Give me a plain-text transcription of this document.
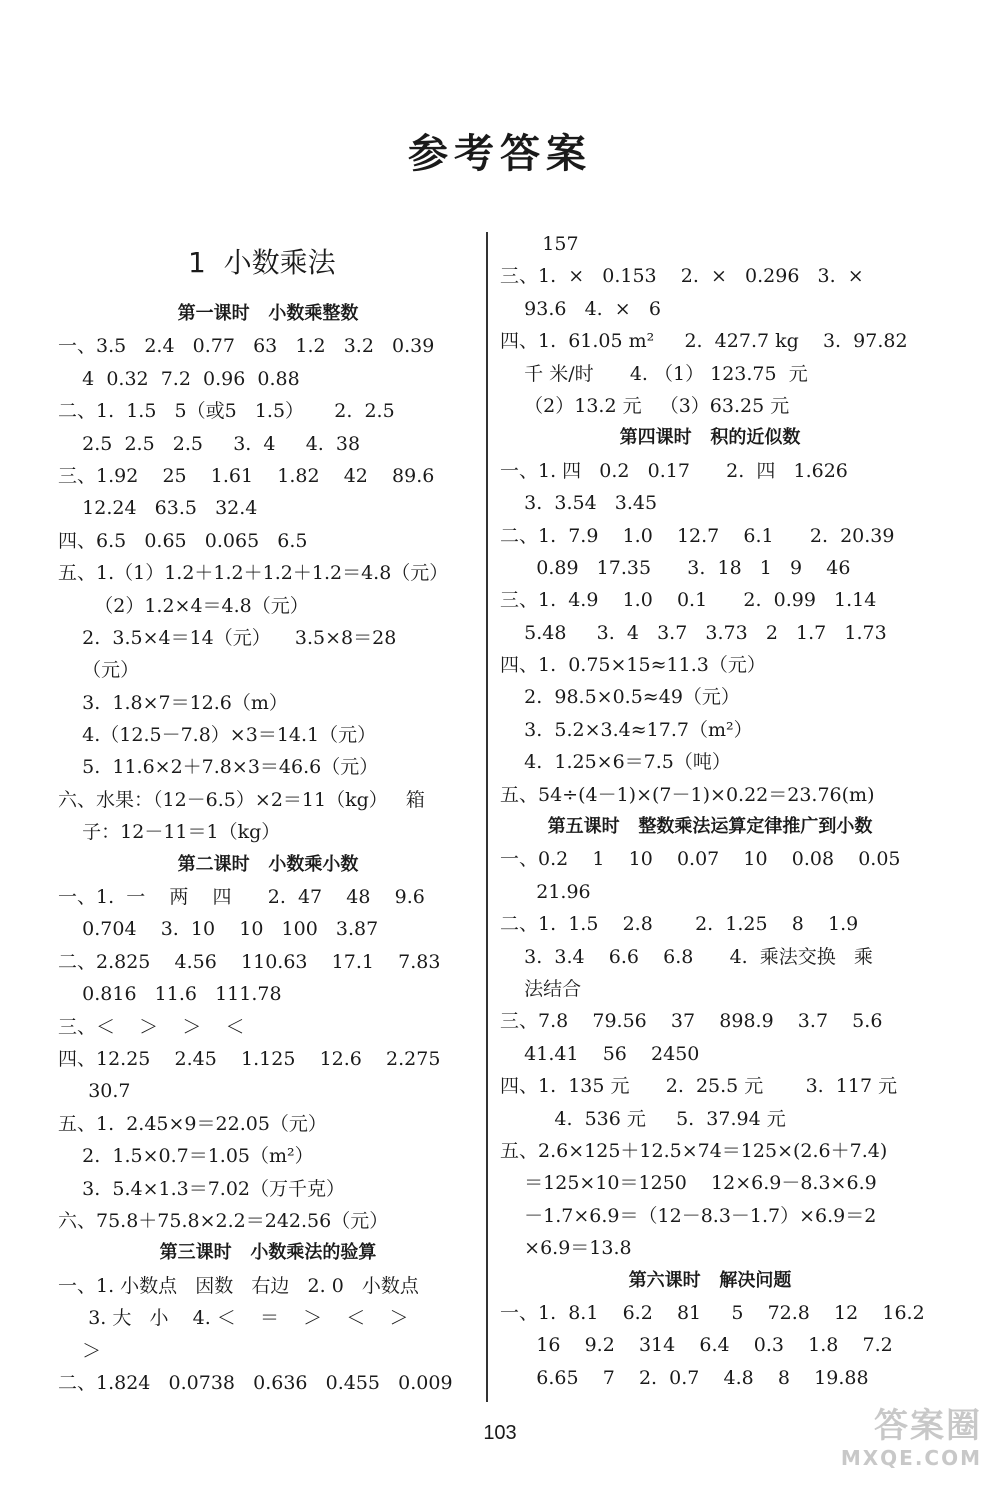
参考答案
1  小数乘法
第一课时   小数乘整数
一、3.5   2.4   0.77   63   1.2   3.2   0.39
4  0.32  7.2  0.96  0.88
二、1.  1.5   5（或5   1.5）     2.  2.5
2.5  2.5   2.5     3.  4     4.  38
三、1.92    25    1.61    1.82    42    89.6
12.24   63.5   32.4
四、6.5   0.65   0.065   6.5
五、1.（1）1.2＋1.2＋1.2＋1.2＝4.8（元）
（2）1.2×4＝4.8（元）
2.  3.5×4＝14（元）    3.5×8＝28
（元）
3.  1.8×7＝12.6（m）
4.（12.5－7.8）×3＝14.1（元）
5.  11.6×2＋7.8×3＝46.6（元）
六、水果：（12－6.5）×2＝11（kg）   箱
子：12－11＝1（kg）
第二课时   小数乘小数
一、1.  一    两    四      2.  47    48    9.6
0.704    3.  10    10   100   3.87
二、2.825    4.56    110.63    17.1    7.83
0.816   11.6   111.78
三、＜    ＞    ＞    ＜
四、12.25    2.45    1.125    12.6    2.275
30.7
五、1.  2.45×9＝22.05（元）
2.  1.5×0.7＝1.05（m²）
3.  5.4×1.3＝7.02（万千克）
六、75.8＋75.8×2.2＝242.56（元）
第三课时   小数乘法的验算
一、1. 小数点   因数   右边   2. 0   小数点
3. 大   小    4. ＜    ＝    ＞    ＜    ＞
＞
二、1.824   0.0738   0.636   0.455   0.009
157
三、1.  ×   0.153    2.  ×   0.296   3.  ×
93.6   4.  ×   6
四、1.  61.05 m²     2.  427.7 kg    3.  97.82
千 米/时      4. （1） 123.75  元
（2）13.2 元   （3）63.25 元
第四课时   积的近似数
一、1. 四   0.2   0.17      2.  四   1.626
3.  3.54   3.45
二、1.  7.9    1.0    12.7    6.1      2.  20.39
0.89   17.35      3.  18   1   9    46
三、1.  4.9    1.0    0.1      2.  0.99   1.14
5.48     3.  4   3.7   3.73   2   1.7   1.73
四、1.  0.75×15≈11.3（元）
2.  98.5×0.5≈49（元）
3.  5.2×3.4≈17.7（m²）
4.  1.25×6＝7.5（吨）
五、54÷(4－1)×(7－1)×0.22＝23.76(m)
第五课时   整数乘法运算定律推广到小数
一、0.2    1    10    0.07    10    0.08    0.05
21.96
二、1.  1.5    2.8       2.  1.25    8    1.9
3.  3.4    6.6    6.8      4.  乘法交换   乘
法结合
三、7.8    79.56    37    898.9    3.7    5.6
41.41    56    2450
四、1.  135 元      2.  25.5 元       3.  117 元
4.  536 元     5.  37.94 元
五、2.6×125＋12.5×74＝125×(2.6＋7.4)
＝125×10＝1250    12×6.9－8.3×6.9
－1.7×6.9＝（12－8.3－1.7）×6.9＝2
×6.9＝13.8
第六课时   解决问题
一、1.  8.1    6.2    81     5    72.8    12    16.2
16    9.2    314    6.4    0.3    1.8    7.2
6.65    7    2.  0.7    4.8    8    19.88
103	答案圈
MXQE.COM
